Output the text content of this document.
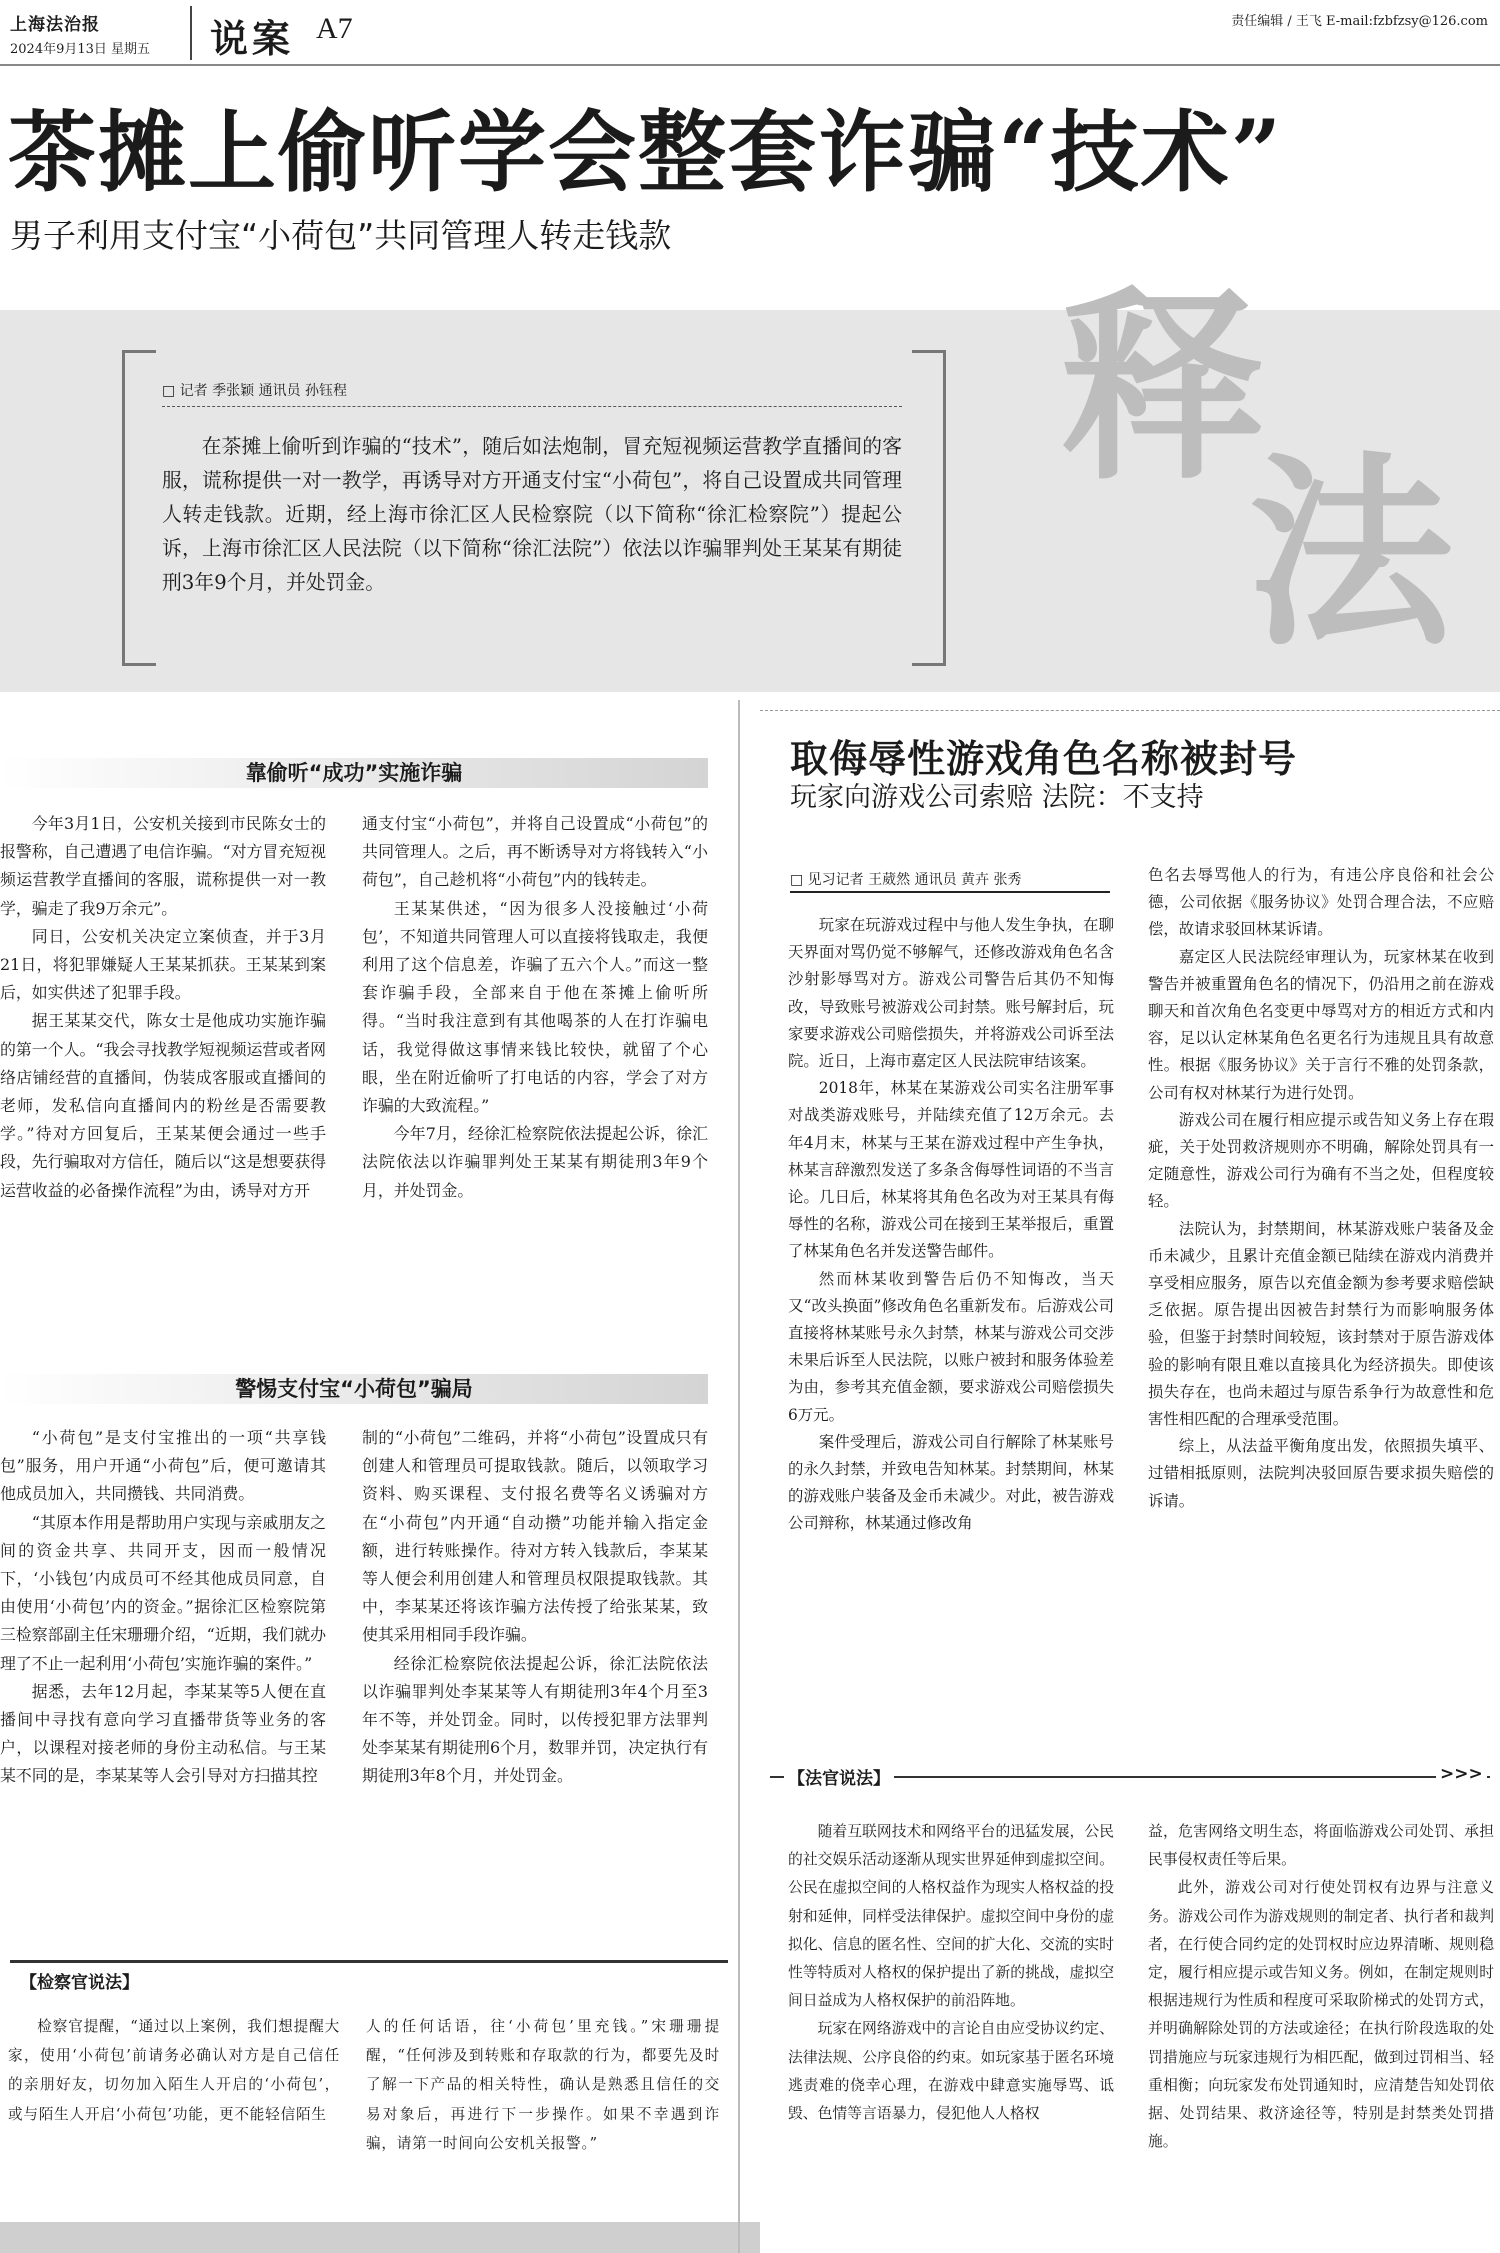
上海法治报
2024年9月13日 星期五 说案 A7	责任编辑 / 王飞 E-mail:fzbfzsy@126.com
茶摊上偷听学会整套诈骗“技术”
男子利用支付宝“小荷包”共同管理人转走钱款
释
法
□ 记者 季张颖 通讯员 孙钰程

在茶摊上偷听到诈骗的“技术”，随后如法炮制，冒充短视频运营教学直播间的客服，谎称提供一对一教学，再诱导对方开通支付宝“小荷包”，将自己设置成共同管理人转走钱款。近期，经上海市徐汇区人民检察院（以下简称“徐汇检察院”）提起公诉，上海市徐汇区人民法院（以下简称“徐汇法院”）依法以诈骗罪判处王某某有期徒刑3年9个月，并处罚金。

靠偷听“成功”实施诈骗

今年3月1日，公安机关接到市民陈女士的报警称，自己遭遇了电信诈骗。“对方冒充短视频运营教学直播间的客服，谎称提供一对一教学，骗走了我9万余元”。

同日，公安机关决定立案侦查，并于3月21日，将犯罪嫌疑人王某某抓获。王某某到案后，如实供述了犯罪手段。

据王某某交代，陈女士是他成功实施诈骗的第一个人。“我会寻找教学短视频运营或者网络店铺经营的直播间，伪装成客服或直播间的老师，发私信向直播间内的粉丝是否需要教学。”待对方回复后，王某某便会通过一些手段，先行骗取对方信任，随后以“这是想要获得运营收益的必备操作流程”为由，诱导对方开

通支付宝“小荷包”，并将自己设置成“小荷包”的共同管理人。之后，再不断诱导对方将钱转入“小荷包”，自己趁机将“小荷包”内的钱转走。

王某某供述，“因为很多人没接触过‘小荷包’，不知道共同管理人可以直接将钱取走，我便利用了这个信息差，诈骗了五六个人。”而这一整套诈骗手段，全部来自于他在茶摊上偷听所得。“当时我注意到有其他喝茶的人在打诈骗电话，我觉得做这事情来钱比较快，就留了个心眼，坐在附近偷听了打电话的内容，学会了对方诈骗的大致流程。”

今年7月，经徐汇检察院依法提起公诉，徐汇法院依法以诈骗罪判处王某某有期徒刑3年9个月，并处罚金。

警惕支付宝“小荷包”骗局

“小荷包”是支付宝推出的一项“共享钱包”服务，用户开通“小荷包”后，便可邀请其他成员加入，共同攒钱、共同消费。

“其原本作用是帮助用户实现与亲戚朋友之间的资金共享、共同开支，因而一般情况下，‘小钱包’内成员可不经其他成员同意，自由使用‘小荷包’内的资金。”据徐汇区检察院第三检察部副主任宋珊珊介绍，“近期，我们就办理了不止一起利用‘小荷包’实施诈骗的案件。”

据悉，去年12月起，李某某等5人便在直播间中寻找有意向学习直播带货等业务的客户，以课程对接老师的身份主动私信。与王某某不同的是，李某某等人会引导对方扫描其控

制的“小荷包”二维码，并将“小荷包”设置成只有创建人和管理员可提取钱款。随后，以领取学习资料、购买课程、支付报名费等名义诱骗对方在“小荷包”内开通“自动攒”功能并输入指定金额，进行转账操作。待对方转入钱款后，李某某等人便会利用创建人和管理员权限提取钱款。其中，李某某还将该诈骗方法传授了给张某某，致使其采用相同手段诈骗。

经徐汇检察院依法提起公诉，徐汇法院依法以诈骗罪判处李某某等人有期徒刑3年4个月至3年不等，并处罚金。同时，以传授犯罪方法罪判处李某某有期徒刑6个月，数罪并罚，决定执行有期徒刑3年8个月，并处罚金。

【检察官说法】

检察官提醒，“通过以上案例，我们想提醒大家，使用‘小荷包’前请务必确认对方是自己信任的亲朋好友，切勿加入陌生人开启的‘小荷包’，或与陌生人开启‘小荷包’功能，更不能轻信陌生

人的任何话语，往‘小荷包’里充钱。”宋珊珊提醒，“任何涉及到转账和存取款的行为，都要先及时了解一下产品的相关特性，确认是熟悉且信任的交易对象后，再进行下一步操作。如果不幸遇到诈骗，请第一时间向公安机关报警。”

取侮辱性游戏角色名称被封号
玩家向游戏公司索赔 法院：不支持
□ 见习记者 王葳然 通讯员 黄卉 张秀

玩家在玩游戏过程中与他人发生争执，在聊天界面对骂仍觉不够解气，还修改游戏角色名含沙射影辱骂对方。游戏公司警告后其仍不知悔改，导致账号被游戏公司封禁。账号解封后，玩家要求游戏公司赔偿损失，并将游戏公司诉至法院。近日，上海市嘉定区人民法院审结该案。

2018年，林某在某游戏公司实名注册军事对战类游戏账号，并陆续充值了12万余元。去年4月末，林某与王某在游戏过程中产生争执，林某言辞激烈发送了多条含侮辱性词语的不当言论。几日后，林某将其角色名改为对王某具有侮辱性的名称，游戏公司在接到王某举报后，重置了林某角色名并发送警告邮件。

然而林某收到警告后仍不知悔改，当天又“改头换面”修改角色名重新发布。后游戏公司直接将林某账号永久封禁，林某与游戏公司交涉未果后诉至人民法院，以账户被封和服务体验差为由，参考其充值金额，要求游戏公司赔偿损失6万元。

案件受理后，游戏公司自行解除了林某账号的永久封禁，并致电告知林某。封禁期间，林某的游戏账户装备及金币未减少。对此，被告游戏公司辩称，林某通过修改角

色名去辱骂他人的行为，有违公序良俗和社会公德，公司依据《服务协议》处罚合理合法，不应赔偿，故请求驳回林某诉请。

嘉定区人民法院经审理认为，玩家林某在收到警告并被重置角色名的情况下，仍沿用之前在游戏聊天和首次角色名变更中辱骂对方的相近方式和内容，足以认定林某角色名更名行为违规且具有故意性。根据《服务协议》关于言行不雅的处罚条款，公司有权对林某行为进行处罚。

游戏公司在履行相应提示或告知义务上存在瑕疵，关于处罚救济规则亦不明确，解除处罚具有一定随意性，游戏公司行为确有不当之处，但程度较轻。

法院认为，封禁期间，林某游戏账户装备及金币未减少，且累计充值金额已陆续在游戏内消费并享受相应服务，原告以充值金额为参考要求赔偿缺乏依据。原告提出因被告封禁行为而影响服务体验，但鉴于封禁时间较短，该封禁对于原告游戏体验的影响有限且难以直接具化为经济损失。即使该损失存在，也尚未超过与原告系争行为故意性和危害性相匹配的合理承受范围。

综上，从法益平衡角度出发，依照损失填平、过错相抵原则，法院判决驳回原告要求损失赔偿的诉请。

【法官说法】	>>>

随着互联网技术和网络平台的迅猛发展，公民的社交娱乐活动逐渐从现实世界延伸到虚拟空间。公民在虚拟空间的人格权益作为现实人格权益的投射和延伸，同样受法律保护。虚拟空间中身份的虚拟化、信息的匿名性、空间的扩大化、交流的实时性等特质对人格权的保护提出了新的挑战，虚拟空间日益成为人格权保护的前沿阵地。

玩家在网络游戏中的言论自由应受协议约定、法律法规、公序良俗的约束。如玩家基于匿名环境逃责难的侥幸心理，在游戏中肆意实施辱骂、诋毁、色情等言语暴力，侵犯他人人格权

益，危害网络文明生态，将面临游戏公司处罚、承担民事侵权责任等后果。

此外，游戏公司对行使处罚权有边界与注意义务。游戏公司作为游戏规则的制定者、执行者和裁判者，在行使合同约定的处罚权时应边界清晰、规则稳定，履行相应提示或告知义务。例如，在制定规则时根据违规行为性质和程度可采取阶梯式的处罚方式，并明确解除处罚的方法或途径；在执行阶段选取的处罚措施应与玩家违规行为相匹配，做到过罚相当、轻重相衡；向玩家发布处罚通知时，应清楚告知处罚依据、处罚结果、救济途径等，特别是封禁类处罚措施。
